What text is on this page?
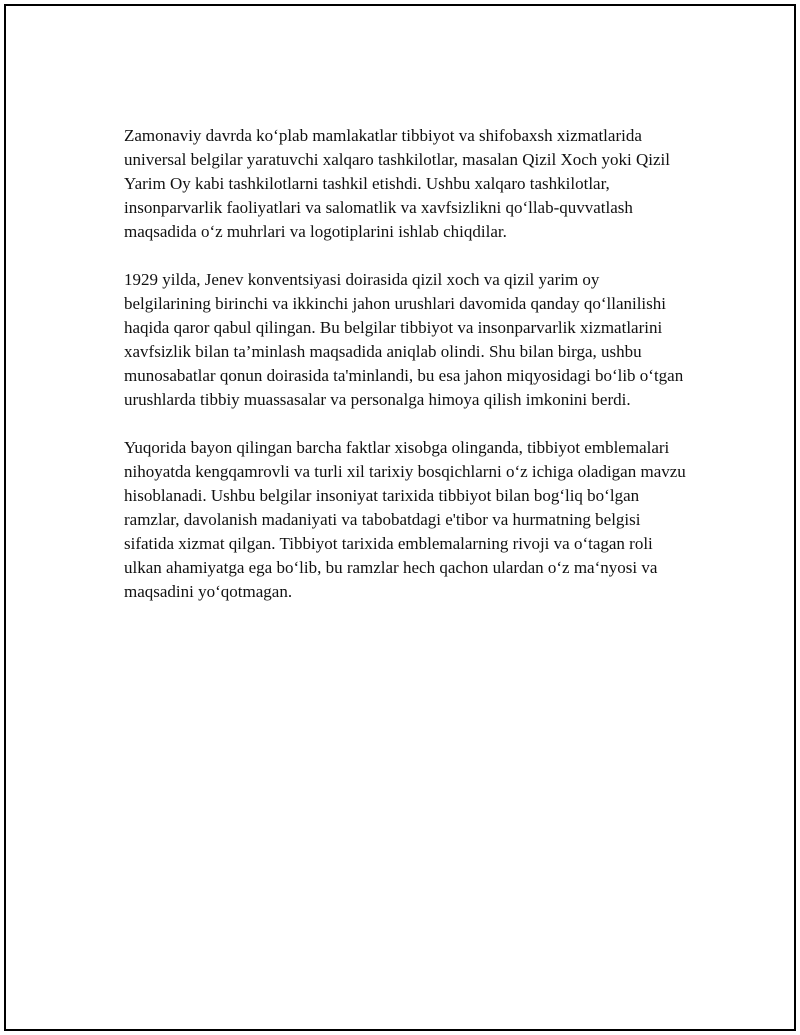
Zamonaviy davrda ko‘plab mamlakatlar tibbiyot va shifobaxsh xizmatlarida universal belgilar yaratuvchi xalqaro tashkilotlar, masalan Qizil Xoch yoki Qizil Yarim Oy kabi tashkilotlarni tashkil etishdi. Ushbu xalqaro tashkilotlar, insonparvarlik faoliyatlari va salomatlik va xavfsizlikni qo‘llab-quvvatlash maqsadida o‘z muhrlari va logotiplarini ishlab chiqdilar.

1929 yilda, Jenev konventsiyasi doirasida qizil xoch va qizil yarim oy belgilarining birinchi va ikkinchi jahon urushlari davomida qanday qo‘llanilishi haqida qaror qabul qilingan. Bu belgilar tibbiyot va insonparvarlik xizmatlarini xavfsizlik bilan ta’minlash maqsadida aniqlab olindi. Shu bilan birga, ushbu munosabatlar qonun doirasida ta'minlandi, bu esa jahon miqyosidagi bo‘lib o‘tgan urushlarda tibbiy muassasalar va personalga himoya qilish imkonini berdi.

Yuqorida bayon qilingan barcha faktlar xisobga olinganda, tibbiyot emblemalari nihoyatda kengqamrovli va turli xil tarixiy bosqichlarni o‘z ichiga oladigan mavzu hisoblanadi. Ushbu belgilar insoniyat tarixida tibbiyot bilan bog‘liq bo‘lgan ramzlar, davolanish madaniyati va tabobatdagi e'tibor va hurmatning belgisi sifatida xizmat qilgan. Tibbiyot tarixida emblemalarning rivoji va o‘tagan roli ulkan ahamiyatga ega bo‘lib, bu ramzlar hech qachon ulardan o‘z ma‘nyosi va maqsadini yo‘qotmagan.
